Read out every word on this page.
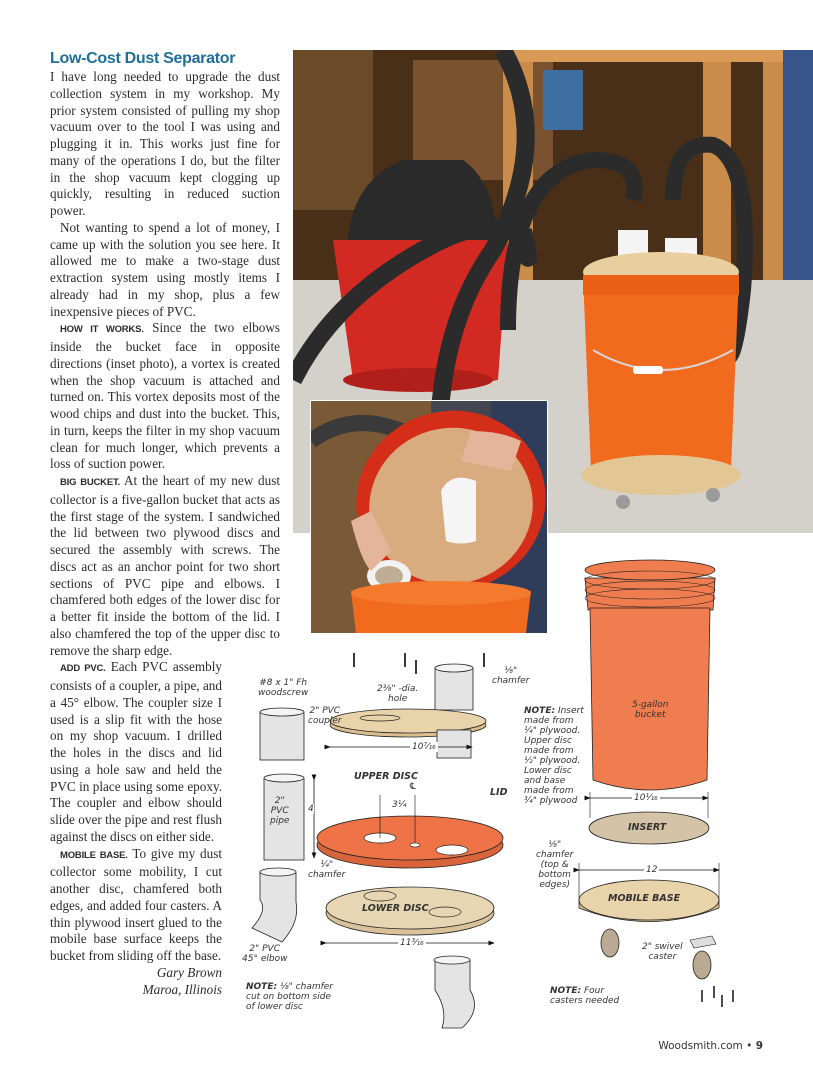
Low-Cost Dust Separator

I have long needed to upgrade the dust collection system in my workshop. My prior system consisted of pulling my shop vacuum over to the tool I was using and plugging it in. This works just fine for many of the operations I do, but the filter in the shop vacuum kept clogging up quickly, resulting in reduced suction power.

Not wanting to spend a lot of money, I came up with the solution you see here. It allowed me to make a two-stage dust extraction system using mostly items I already had in my shop, plus a few inexpensive pieces of PVC.

HOW IT WORKS. Since the two elbows inside the bucket face in opposite directions (inset photo), a vortex is created when the shop vacuum is attached and turned on. This vortex deposits most of the wood chips and dust into the bucket. This, in turn, keeps the filter in my shop vacuum clean for much longer, which prevents a loss of suction power.

BIG BUCKET. At the heart of my new dust collector is a five-gallon bucket that acts as the first stage of the system. I sandwiched the lid between two plywood discs and secured the assembly with screws. The discs act as an anchor point for two short sections of PVC pipe and elbows. I chamfered both edges of the lower disc for a better fit inside the bottom of the lid. I also chamfered the top of the upper disc to remove the sharp edge.

ADD PVC. Each PVC assembly consists of a coupler, a pipe, and a 45° elbow. The coupler size I used is a slip fit with the hose on my shop vacuum. I drilled the holes in the discs and lid using a hole saw and held the PVC in place using some epoxy. The coupler and elbow should slide over the pipe and rest flush against the discs on either side.

MOBILE BASE. To give my dust collector some mobility, I cut another disc, chamfered both edges, and added four casters. A thin plywood insert glued to the mobile base surface keeps the bucket from sliding off the base.

Gary Brown

Maroa, Illinois

#8 x 1" Fh
woodscrew	2⅜" -dia.
hole
⅛"
chamfer
2" PVC
coupler
10⁷⁄₁₆
UPPER DISC
℄
3¼
2"
PVC
pipe
4
LID
¼"
chamfer
LOWER DISC
11³⁄₁₆
2" PVC
45° elbow
NOTE: ⅛" chamfer cut on bottom side of lower disc
NOTE: Insert made from ¼" plywood. Upper disc made from ½" plywood. Lower disc and base made from ¾" plywood
5-gallon
bucket
10¹⁄₁₆
INSERT
⅛"
chamfer
(top &
bottom
edges)
12
MOBILE BASE
2" swivel
caster
NOTE: Four casters needed
Woodsmith.com • 9
